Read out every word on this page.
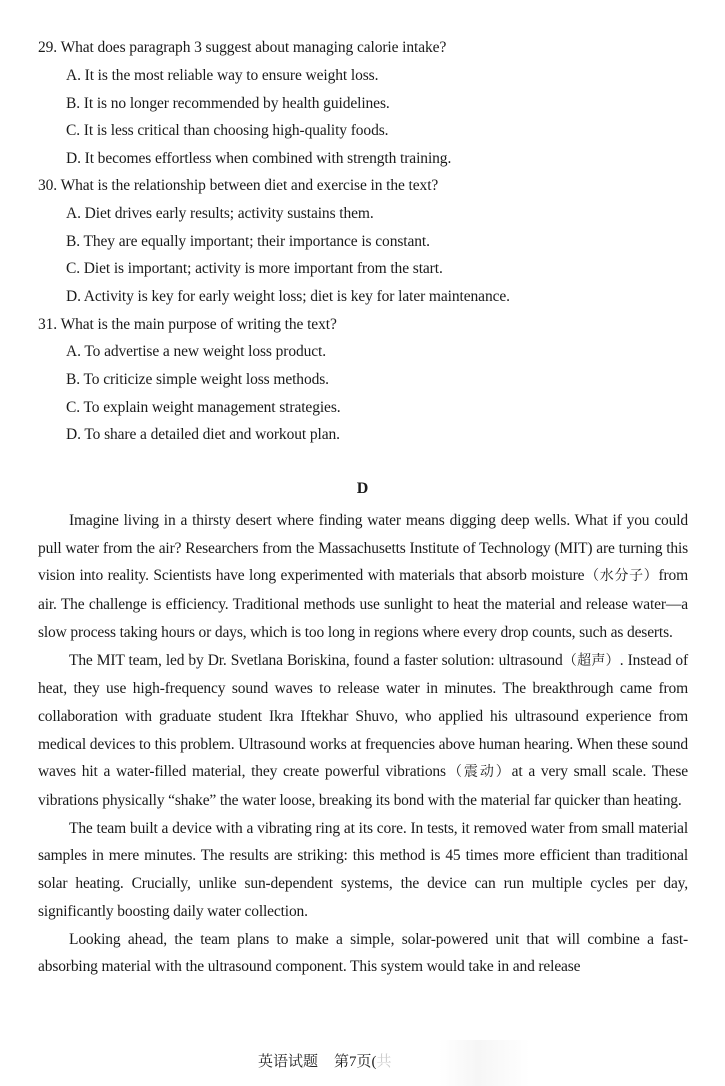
29. What does paragraph 3 suggest about managing calorie intake?
A. It is the most reliable way to ensure weight loss.
B. It is no longer recommended by health guidelines.
C. It is less critical than choosing high-quality foods.
D. It becomes effortless when combined with strength training.
30. What is the relationship between diet and exercise in the text?
A. Diet drives early results; activity sustains them.
B. They are equally important; their importance is constant.
C. Diet is important; activity is more important from the start.
D. Activity is key for early weight loss; diet is key for later maintenance.
31. What is the main purpose of writing the text?
A. To advertise a new weight loss product.
B. To criticize simple weight loss methods.
C. To explain weight management strategies.
D. To share a detailed diet and workout plan.
D

Imagine living in a thirsty desert where finding water means digging deep wells. What if you could pull water from the air? Researchers from the Massachusetts Institute of Technology (MIT) are turning this vision into reality. Scientists have long experimented with materials that absorb moisture（水分子）from air. The challenge is efficiency. Traditional methods use sunlight to heat the material and release water—a slow process taking hours or days, which is too long in regions where every drop counts, such as deserts.

The MIT team, led by Dr. Svetlana Boriskina, found a faster solution: ultrasound（超声）. Instead of heat, they use high-frequency sound waves to release water in minutes. The breakthrough came from collaboration with graduate student Ikra Iftekhar Shuvo, who applied his ultrasound experience from medical devices to this problem. Ultrasound works at frequencies above human hearing. When these sound waves hit a water-filled material, they create powerful vibrations（震动）at a very small scale. These vibrations physically “shake” the water loose, breaking its bond with the material far quicker than heating.

The team built a device with a vibrating ring at its core. In tests, it removed water from small material samples in mere minutes. The results are striking: this method is 45 times more efficient than traditional solar heating. Crucially, unlike sun-dependent systems, the device can run multiple cycles per day, significantly boosting daily water collection.

Looking ahead, the team plans to make a simple, solar-powered unit that will combine a fast-absorbing material with the ultrasound component. This system would take in and release

英语试题 第7页(共
